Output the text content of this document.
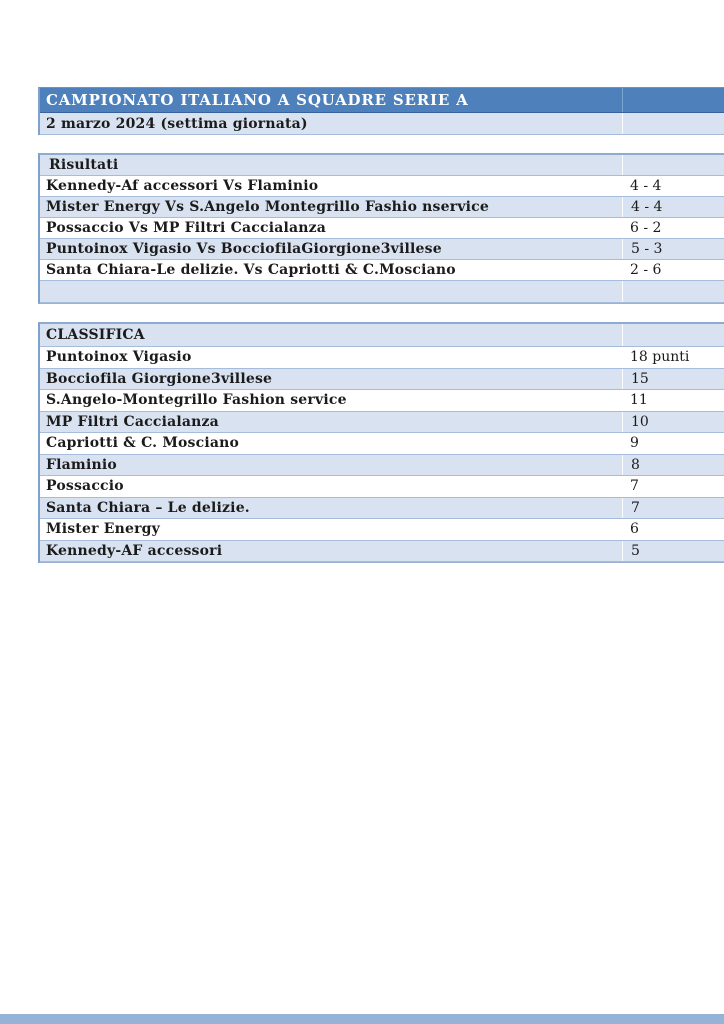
CAMPIONATO ITALIANO A SQUADRE SERIE A
2 marzo 2024 (settima giornata)
Risultati
Kennedy-Af accessori Vs Flaminio	4 - 4
Mister Energy Vs S.Angelo Montegrillo Fashio nservice	4 - 4
Possaccio Vs MP Filtri Caccialanza	6 - 2
Puntoinox Vigasio Vs BocciofilaGiorgione3villese	5 - 3
Santa Chiara-Le delizie. Vs Capriotti & C.Mosciano	2 - 6
CLASSIFICA
Puntoinox Vigasio	18 punti
Bocciofila Giorgione3villese	15
S.Angelo-Montegrillo Fashion service	11
MP Filtri Caccialanza	10
Capriotti & C. Mosciano	9
Flaminio	8
Possaccio	7
Santa Chiara – Le delizie.	7
Mister Energy	6
Kennedy-AF accessori	5
